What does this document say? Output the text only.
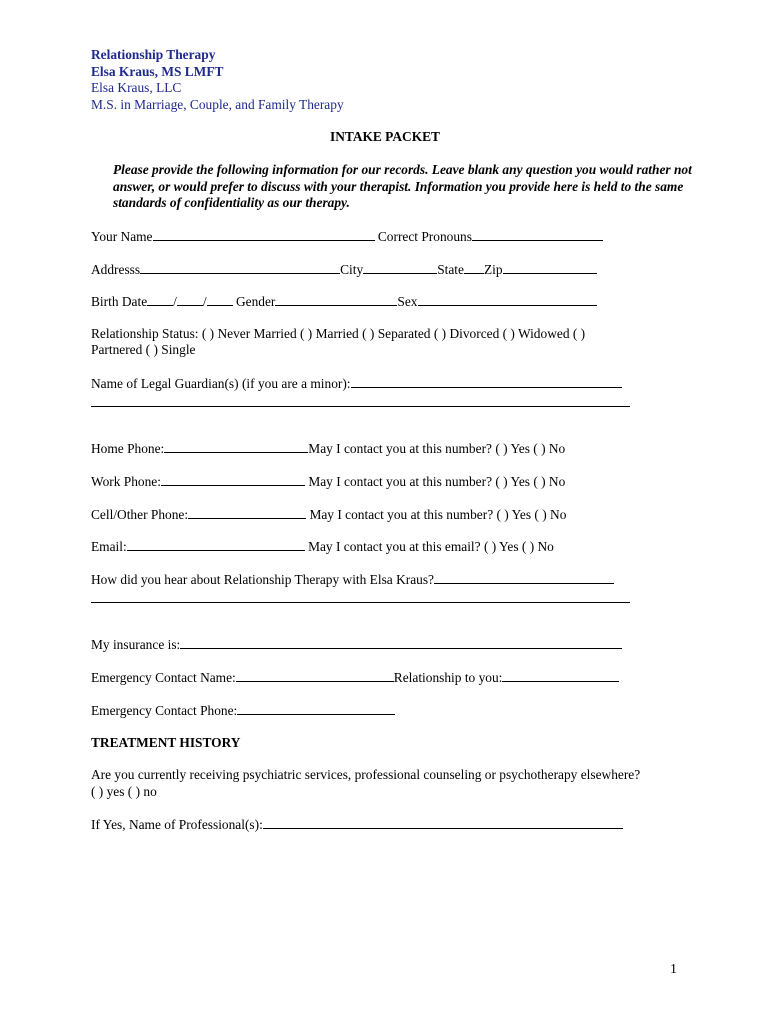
Relationship Therapy
Elsa Kraus, MS LMFT
Elsa Kraus, LLC
M.S. in Marriage, Couple, and Family Therapy
INTAKE PACKET
Please provide the following information for our records. Leave blank any question you would rather not answer, or would prefer to discuss with your therapist. Information you provide here is held to the same standards of confidentiality as our therapy.
Your Name	Correct Pronouns
Addresss	City	State Zip
Birth Date / / Gender	Sex
Relationship Status: ( ) Never Married ( ) Married ( ) Separated ( ) Divorced ( ) Widowed ( )
Partnered ( ) Single
Name of Legal Guardian(s) (if you are a minor):
Home Phone:	May I contact you at this number? ( ) Yes ( ) No
Work Phone:	May I contact you at this number? ( ) Yes ( ) No
Cell/Other Phone:	May I contact you at this number? ( ) Yes ( ) No
Email:	May I contact you at this email? ( ) Yes ( ) No
How did you hear about Relationship Therapy with Elsa Kraus?
My insurance is:
Emergency Contact Name:	Relationship to you:
Emergency Contact Phone:
TREATMENT HISTORY
Are you currently receiving psychiatric services, professional counseling or psychotherapy elsewhere?
( ) yes ( ) no
If Yes, Name of Professional(s):
1
